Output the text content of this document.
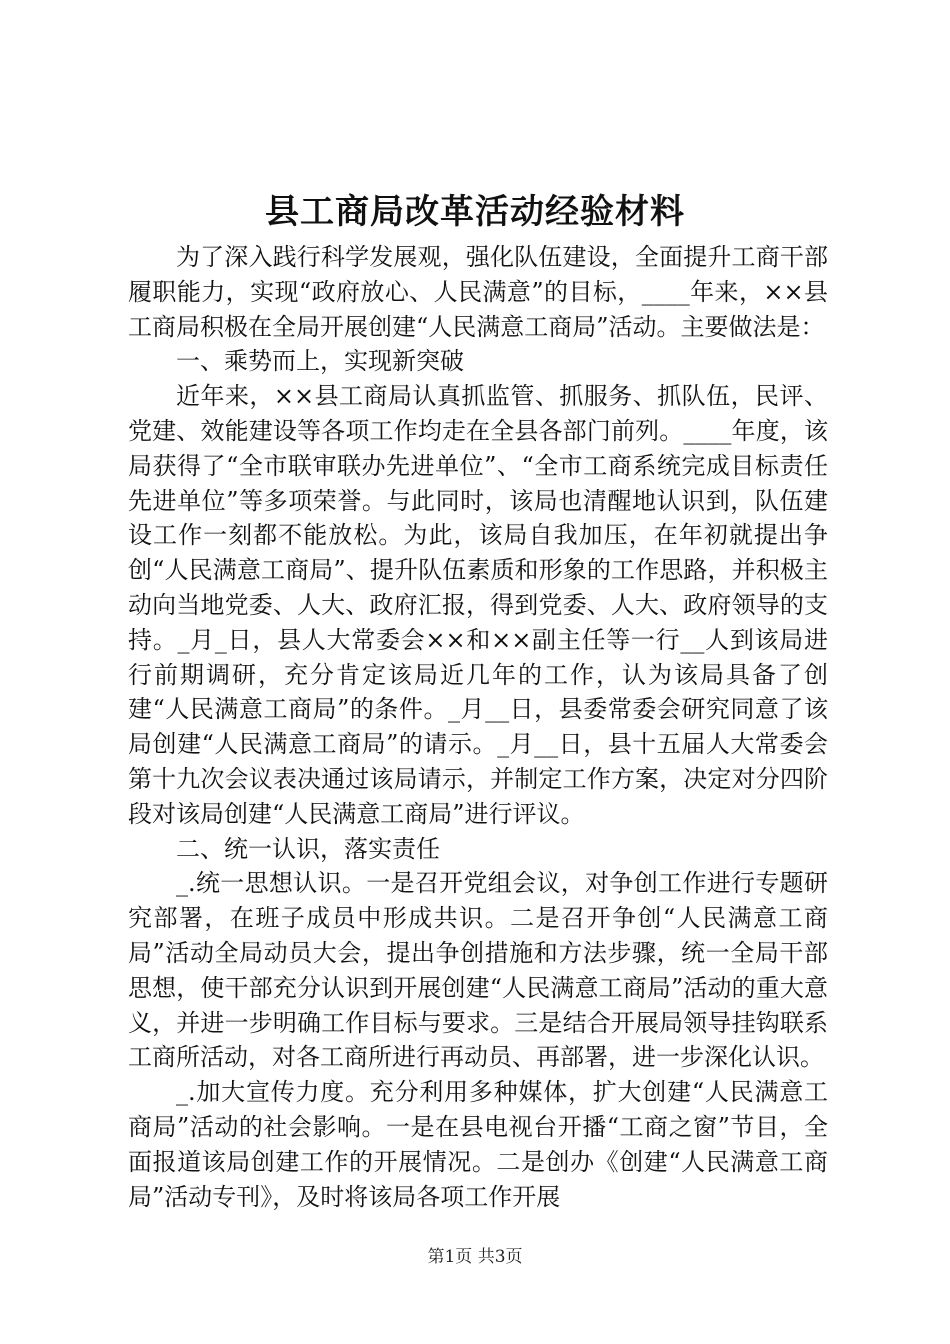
县工商局改革活动经验材料

为了深入践行科学发展观，强化队伍建设，全面提升工商干部履职能力，实现“政府放心、人民满意”的目标，____年来，××县工商局积极在全局开展创建“人民满意工商局”活动。主要做法是：

一、乘势而上，实现新突破

近年来，××县工商局认真抓监管、抓服务、抓队伍，民评、党建、效能建设等各项工作均走在全县各部门前列。____年度，该局获得了“全市联审联办先进单位”、“全市工商系统完成目标责任先进单位”等多项荣誉。与此同时，该局也清醒地认识到，队伍建设工作一刻都不能放松。为此，该局自我加压，在年初就提出争创“人民满意工商局”、提升队伍素质和形象的工作思路，并积极主动向当地党委、人大、政府汇报，得到党委、人大、政府领导的支持。_月_日，县人大常委会××和××副主任等一行__人到该局进行前期调研，充分肯定该局近几年的工作，认为该局具备了创建“人民满意工商局”的条件。_月__日，县委常委会研究同意了该局创建“人民满意工商局”的请示。_月__日，县十五届人大常委会第十九次会议表决通过该局请示，并制定工作方案，决定对分四阶段对该局创建“人民满意工商局”进行评议。

二、统一认识，落实责任

_.统一思想认识。一是召开党组会议，对争创工作进行专题研究部署，在班子成员中形成共识。二是召开争创“人民满意工商局”活动全局动员大会，提出争创措施和方法步骤，统一全局干部思想，使干部充分认识到开展创建“人民满意工商局”活动的重大意义，并进一步明确工作目标与要求。三是结合开展局领导挂钩联系工商所活动，对各工商所进行再动员、再部署，进一步深化认识。

_.加大宣传力度。充分利用多种媒体，扩大创建“人民满意工商局”活动的社会影响。一是在县电视台开播“工商之窗”节目，全面报道该局创建工作的开展情况。二是创办《创建“人民满意工商局”活动专刊》，及时将该局各项工作开展

第1页 共3页
